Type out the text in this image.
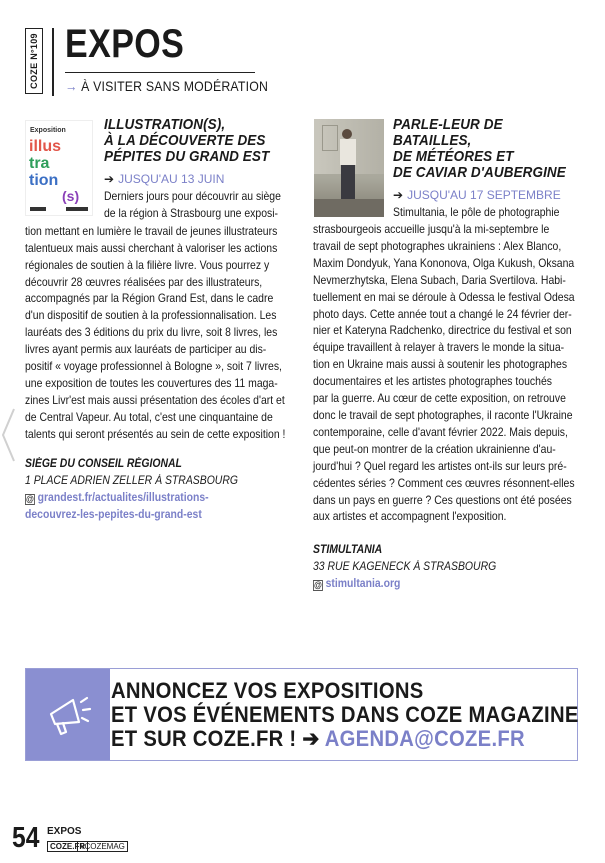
COZE N°109 EXPOS
→ À VISITER SANS MODÉRATION
Exposition
illus
tra
tion
(s)
ILLUSTRATION(S),
À LA DÉCOUVERTE DES
PÉPITES DU GRAND EST
➔ JUSQU'AU 13 JUIN
Derniers jours pour découvrir au siège
de la région à Strasbourg une exposi-
tion mettant en lumière le travail de jeunes illustrateurs
talentueux mais aussi cherchant à valoriser les actions
régionales de soutien à la filière livre. Vous pourrez y
découvrir 28 œuvres réalisées par des illustrateurs,
accompagnés par la Région Grand Est, dans le cadre
d'un dispositif de soutien à la professionnalisation. Les
lauréats des 3 éditions du prix du livre, soit 8 livres, les
livres ayant permis aux lauréats de participer au dis-
positif « voyage professionnel à Bologne », soit 7 livres,
une exposition de toutes les couvertures des 11 maga-
zines Livr'est mais aussi présentation des écoles d'art et
de Central Vapeur. Au total, c'est une cinquantaine de
talents qui seront présentés au sein de cette exposition !
SIÈGE DU CONSEIL RÉGIONAL
1 PLACE ADRIEN ZELLER À STRASBOURG
@ grandest.fr/actualites/illustrations-
decouvrez-les-pepites-du-grand-est
PARLE-LEUR DE
BATAILLES,
DE MÉTÉORES ET
DE CAVIAR D'AUBERGINE
➔ JUSQU'AU 17 SEPTEMBRE
Stimultania, le pôle de photographie
strasbourgeois accueille jusqu'à la mi-septembre le
travail de sept photographes ukrainiens : Alex Blanco,
Maxim Dondyuk, Yana Kononova, Olga Kukush, Oksana
Nevmerzhytska, Elena Subach, Daria Svertilova. Habi-
tuellement en mai se déroule à Odessa le festival Odesa
photo days. Cette année tout a changé le 24 février der-
nier et Kateryna Radchenko, directrice du festival et son
équipe travaillent à relayer à travers le monde la situa-
tion en Ukraine mais aussi à soutenir les photographes
documentaires et les artistes photographes touchés
par la guerre. Au cœur de cette exposition, on retrouve
donc le travail de sept photographes, il raconte l'Ukraine
contemporaine, celle d'avant février 2022. Mais depuis,
que peut-on montrer de la création ukrainienne d'au-
jourd'hui ? Quel regard les artistes ont-ils sur leurs pré-
cédentes séries ? Comment ces œuvres résonnent-elles
dans un pays en guerre ? Ces questions ont été posées
aux artistes et accompagnent l'exposition.
STIMULTANIA
33 RUE KAGENECK À STRASBOURG
@ stimultania.org
ANNONCEZ VOS EXPOSITIONS
ET VOS ÉVÉNEMENTS DANS COZE MAGAZINE
ET SUR COZE.FR ! ➔ AGENDA@COZE.FR
54 EXPOS
COZE.FR
#COZEMAG
